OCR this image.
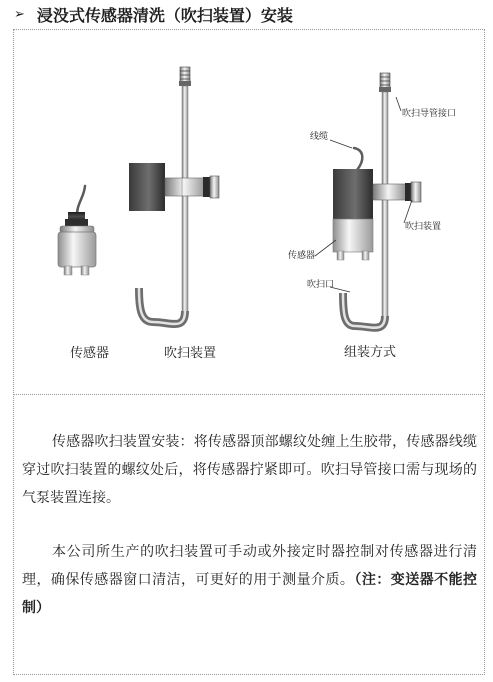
➢ 浸没式传感器清洗（吹扫装置）安装
吹扫导管接口
线缆
吹扫装置
传感器
吹扫口
传感器	吹扫装置	组装方式
传感器吹扫装置安装：将传感器顶部螺纹处缠上生胶带，传感器线缆穿过吹扫装置的螺纹处后，将传感器拧紧即可。吹扫导管接口需与现场的气泵装置连接。
本公司所生产的吹扫装置可手动或外接定时器控制对传感器进行清理，确保传感器窗口清洁，可更好的用于测量介质。（注：变送器不能控制）
